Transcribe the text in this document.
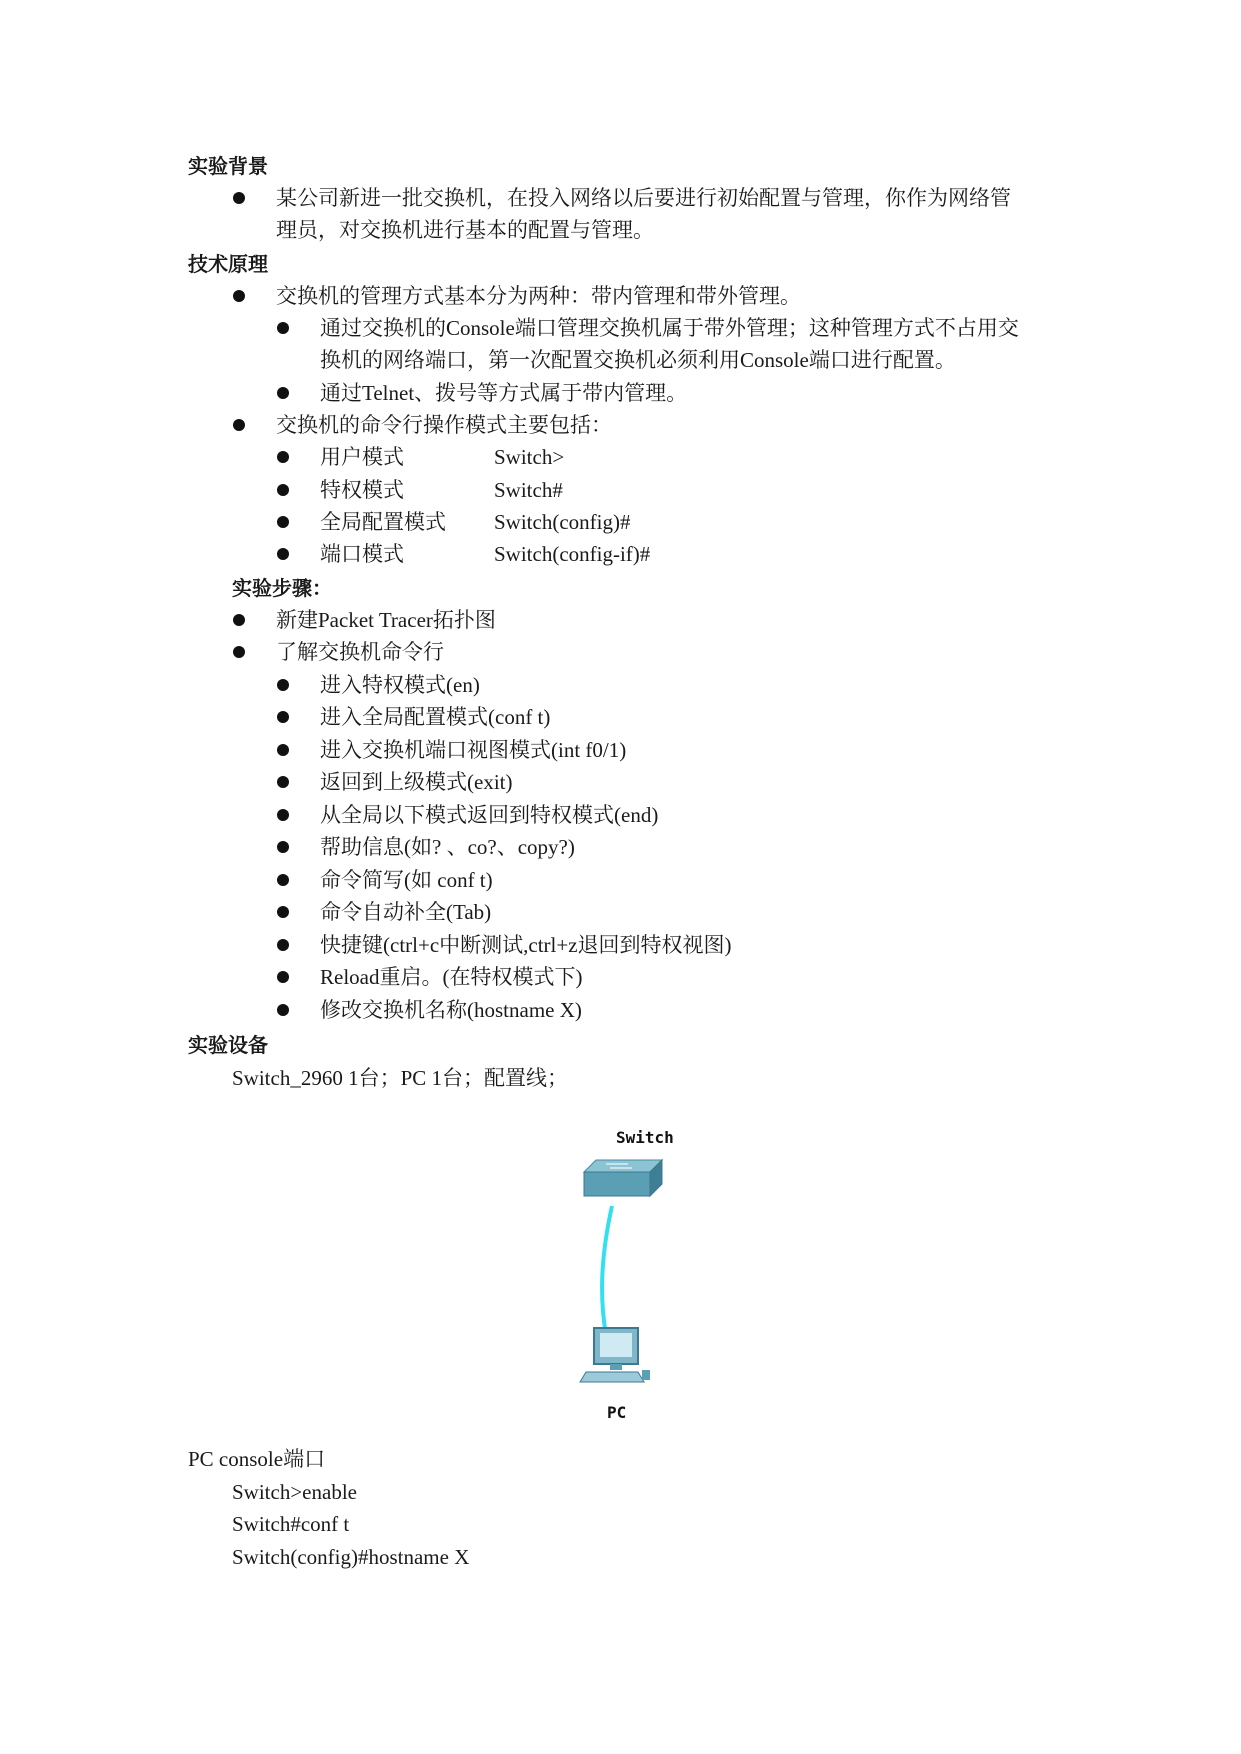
实验背景
某公司新进一批交换机，在投入网络以后要进行初始配置与管理，你作为网络管
理员，对交换机进行基本的配置与管理。
技术原理
交换机的管理方式基本分为两种：带内管理和带外管理。
通过交换机的Console端口管理交换机属于带外管理；这种管理方式不占用交
换机的网络端口，第一次配置交换机必须利用Console端口进行配置。
通过Telnet、拨号等方式属于带内管理。
交换机的命令行操作模式主要包括：
用户模式	Switch>
特权模式	Switch#
全局配置模式 Switch(config)#
端口模式	Switch(config-if)#
实验步骤：
新建Packet Tracer拓扑图
了解交换机命令行
进入特权模式(en)
进入全局配置模式(conf t)
进入交换机端口视图模式(int f0/1)
返回到上级模式(exit)
从全局以下模式返回到特权模式(end)
帮助信息(如? 、co?、copy?)
命令简写(如 conf t)
命令自动补全(Tab)
快捷键(ctrl+c中断测试,ctrl+z退回到特权视图)
Reload重启。(在特权模式下)
修改交换机名称(hostname X)
实验设备
Switch_2960 1台；PC 1台；配置线；
Switch
PC
PC console端口
Switch>enable
Switch#conf t
Switch(config)#hostname X
